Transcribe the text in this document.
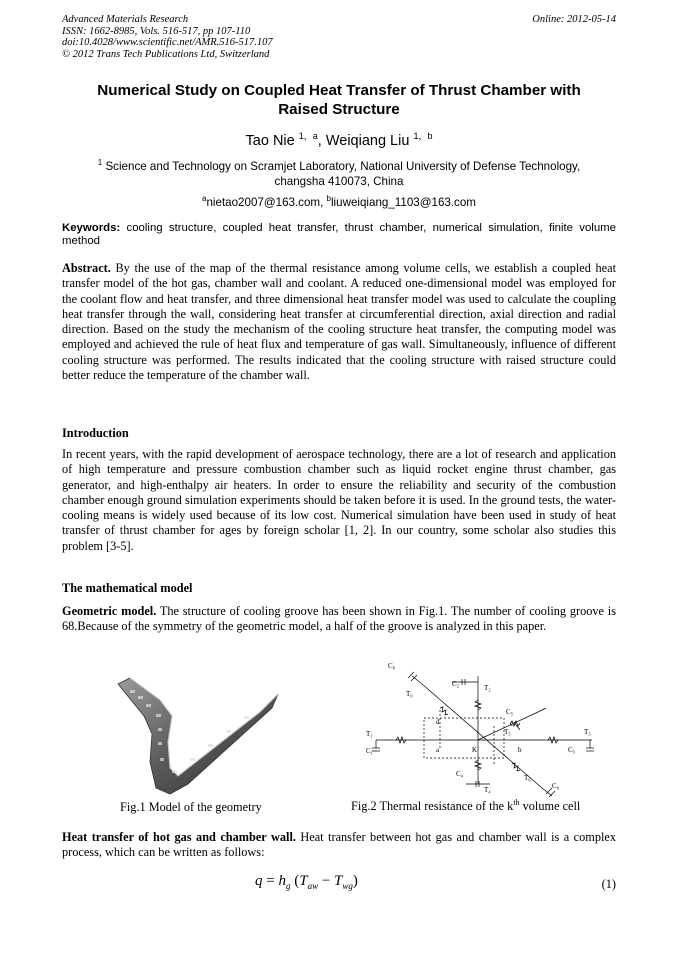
Advanced Materials Research
ISSN: 1662-8985, Vols. 516-517, pp 107-110
doi:10.4028/www.scientific.net/AMR.516-517.107
© 2012 Trans Tech Publications Ltd, Switzerland
Online: 2012-05-14
Numerical Study on Coupled Heat Transfer of Thrust Chamber with
Raised Structure
Tao Nie $^{1,a}$, Weiqiang Liu $^{1,b}$
$^1$ Science and Technology on Scramjet Laboratory, National University of Defense Technology,
changsha 410073, China
$^a$nietao2007@163.com, $^b$liuweiqiang_1103@163.com
Keywords: cooling structure, coupled heat transfer, thrust chamber, numerical simulation, finite volume method
Abstract. By the use of the map of the thermal resistance among volume cells, we establish a coupled heat transfer model of the hot gas, chamber wall and coolant. A reduced one-dimensional model was employed for the coolant flow and heat transfer, and three dimensional heat transfer model was used to calculate the coupling heat transfer through the wall, considering heat transfer at circumferential direction, axial direction and radial direction. Based on the study the mechanism of the cooling structure heat transfer, the computing model was employed and achieved the rule of heat flux and temperature of gas wall. Simultaneously, influence of different cooling structure was performed. The results indicated that the cooling structure with raised structure could better reduce the temperature of the chamber wall.
Introduction
In recent years, with the rapid development of aerospace technology, there are a lot of research and application of high temperature and pressure combustion chamber such as liquid rocket engine thrust chamber, gas generator, and high-enthalpy air heaters. In order to ensure the reliability and security of the combustion chamber enough ground simulation experiments should be taken before it is used. In the ground tests, the water-cooling means is widely used because of its low cost. Numerical simulation have been used in study of heat transfer of thrust chamber for ages by foreign scholar [1, 2]. In our country, some scholar also studies this problem [3-5].
The mathematical model
Geometric model. The structure of cooling groove has been shown in Fig.1. The number of cooling groove is 68.Because of the symmetry of the geometric model, a half of the groove is analyzed in this paper.
C₀
T₀
T₁
C₁
C₂	T₂
T₃
C₃
C₄
T₄
T₅
T₆
C₅
C₆
K
a	b
c
d
Fig.1 Model of the geometry	Fig.2 Thermal resistance of the $k^{th}$ volume cell
Heat transfer of hot gas and chamber wall. Heat transfer between hot gas and chamber wall is a complex process, which can be written as follows:
$q = h_g$ $(T_{aw} - T_{wg})$	(1)
